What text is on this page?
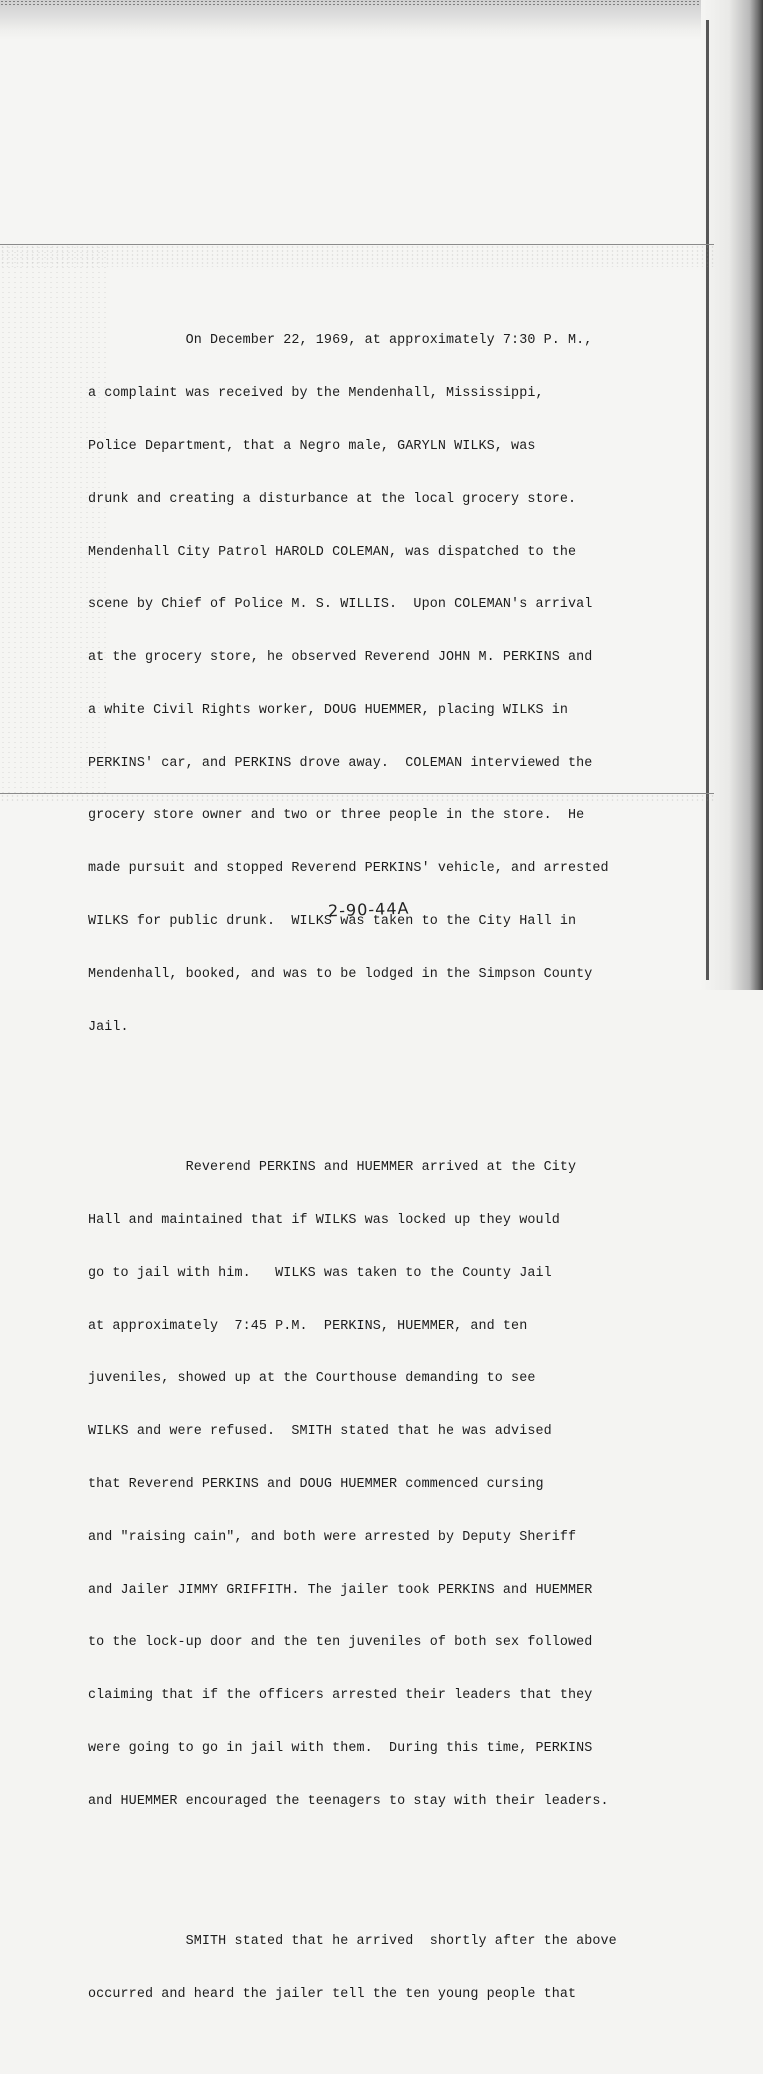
On December 22, 1969, at approximately 7:30 P. M.,

a complaint was received by the Mendenhall, Mississippi,

Police Department, that a Negro male, GARYLN WILKS, was

drunk and creating a disturbance at the local grocery store.

Mendenhall City Patrol HAROLD COLEMAN, was dispatched to the

scene by Chief of Police M. S. WILLIS.  Upon COLEMAN's arrival

at the grocery store, he observed Reverend JOHN M. PERKINS and

a white Civil Rights worker, DOUG HUEMMER, placing WILKS in

PERKINS' car, and PERKINS drove away.  COLEMAN interviewed the

grocery store owner and two or three people in the store.  He

made pursuit and stopped Reverend PERKINS' vehicle, and arrested

WILKS for public drunk.  WILKS was taken to the City Hall in

Mendenhall, booked, and was to be lodged in the Simpson County

Jail.

Reverend PERKINS and HUEMMER arrived at the City

Hall and maintained that if WILKS was locked up they would

go to jail with him.   WILKS was taken to the County Jail

at approximately  7:45 P.M.  PERKINS, HUEMMER, and ten

juveniles, showed up at the Courthouse demanding to see

WILKS and were refused.  SMITH stated that he was advised

that Reverend PERKINS and DOUG HUEMMER commenced cursing

and "raising cain", and both were arrested by Deputy Sheriff

and Jailer JIMMY GRIFFITH. The jailer took PERKINS and HUEMMER

to the lock-up door and the ten juveniles of both sex followed

claiming that if the officers arrested their leaders that they

were going to go in jail with them.  During this time, PERKINS

and HUEMMER encouraged the teenagers to stay with their leaders.

SMITH stated that he arrived  shortly after the above

occurred and heard the jailer tell the ten young people that

2-90-44A
